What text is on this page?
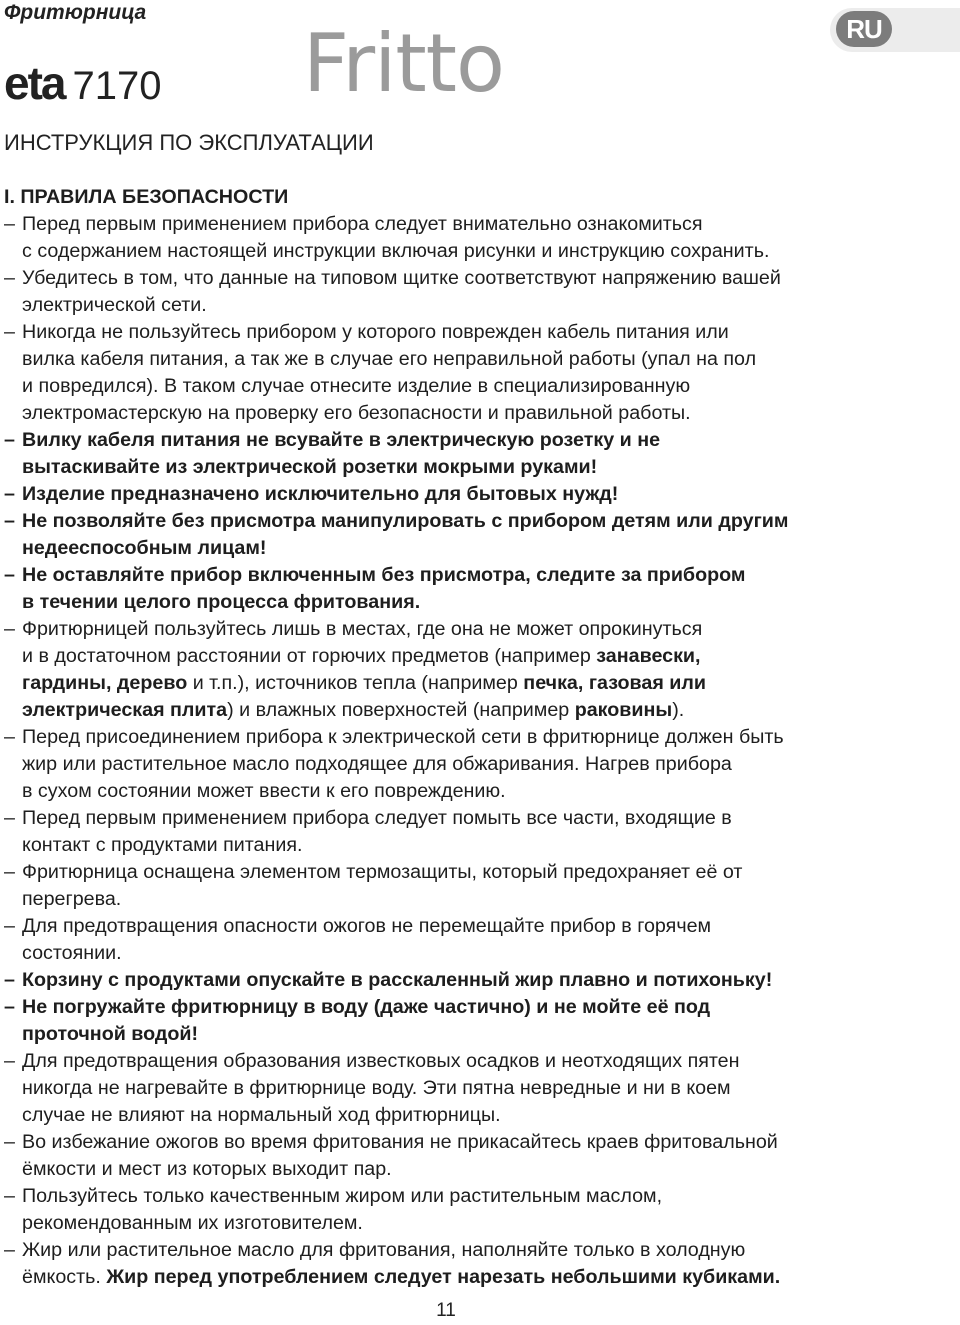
Фритюрница
eta 7170 Fritto	RU
ИНСТРУКЦИЯ ПО ЭКСПЛУАТАЦИИ

I. ПРАВИЛА БЕЗОПАСНОСТИ

– Перед первым применением прибора следует внимательно ознакомиться
с содержанием настоящей инструкции включая рисунки и инструкцию сохранить.

– Убедитесь в том, что данные на типовом щитке соответствуют напряжению вашей
электрической сети.

– Никогда не пользуйтесь прибором у которого поврежден кабель питания или
вилка кабеля питания, а так же в случае его неправильной работы (упал на пол
и повредился). В таком случае отнесите изделие в специализированную
электромастерскую на проверку его безопасности и правильной работы.

– Вилку кабеля питания не всувайте в электрическую розетку и не
вытаскивайте из электрической розетки мокрыми руками!

– Изделие предназначено исключительно для бытовых нужд!

– Не позволяйте без присмотра манипулировать с прибором детям или другим
недееспособным лицам!

– Не оставляйте прибор включенным без присмотра, следите за прибором
в течении целого процесса фритования.

– Фритюрницей пользуйтесь лишь в местах, где она не может опрокинуться
и в достаточном расстоянии от горючих предметов (например занавески,
гардины, дерево и т.п.), источников тепла (например печка, газовая или
электрическая плита) и влажных поверхностей (например раковины).

– Перед присоединением прибора к электрической сети в фритюрнице должен быть
жир или растительное масло подходящее для обжаривания. Нагрев прибора
в сухом состоянии может ввести к его повреждению.

– Перед первым применением прибора следует помыть все части, входящие в
контакт с продуктами питания.

– Фритюрница оснащена элементом термозащиты, который предохраняет её от
перегрева.

– Для предотвращения опасности ожогов не перемещайте прибор в горячем
состоянии.

– Корзину с продуктами опускайте в расскаленный жир плавно и потихоньку!

– Не погружайте фритюрницу в воду (даже частично) и не мойте её под
проточной водой!

– Для предотвращения образования известковых осадков и неотходящих пятен
никогда не нагревайте в фритюрнице воду. Эти пятна невредные и ни в коем
случае не влияют на нормальный ход фритюрницы.

– Во избежание ожогов во время фритования не прикасайтесь краев фритовальной
ёмкости и мест из которых выходит пар.

– Пользуйтесь только качественным жиром или растительным маслом,
рекомендованным их изготовителем.

– Жир или растительное масло для фритования, наполняйте только в холодную
ёмкость. Жир перед употреблением следует нарезать небольшими кубиками.

11
